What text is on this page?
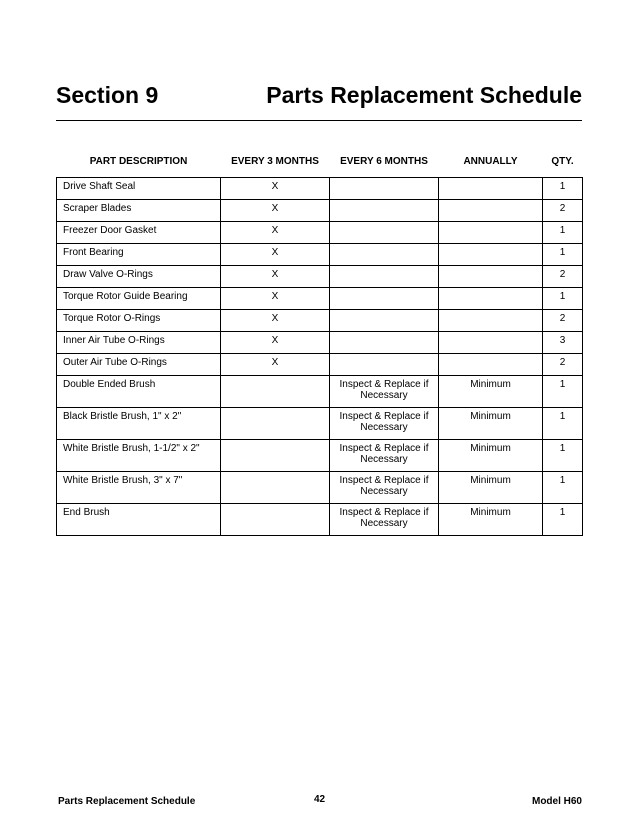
Section 9	Parts Replacement Schedule
PART DESCRIPTION	EVERY 3 MONTHS	EVERY 6 MONTHS	ANNUALLY	QTY.
Drive Shaft Seal	X			1
Scraper Blades	X			2
Freezer Door Gasket	X			1
Front Bearing	X			1
Draw Valve O-Rings	X			2
Torque Rotor Guide Bearing	X			1
Torque Rotor O-Rings	X			2
Inner Air Tube O-Rings	X			3
Outer Air Tube O-Rings	X			2
Double Ended Brush		Inspect & Replace if Necessary	Minimum	1
Black Bristle Brush, 1" x 2"		Inspect & Replace if Necessary	Minimum	1
White Bristle Brush, 1-1/2" x 2"		Inspect & Replace if Necessary	Minimum	1
White Bristle Brush, 3" x 7"		Inspect & Replace if Necessary	Minimum	1
End Brush		Inspect & Replace if Necessary	Minimum	1
Parts Replacement Schedule	42	Model H60
